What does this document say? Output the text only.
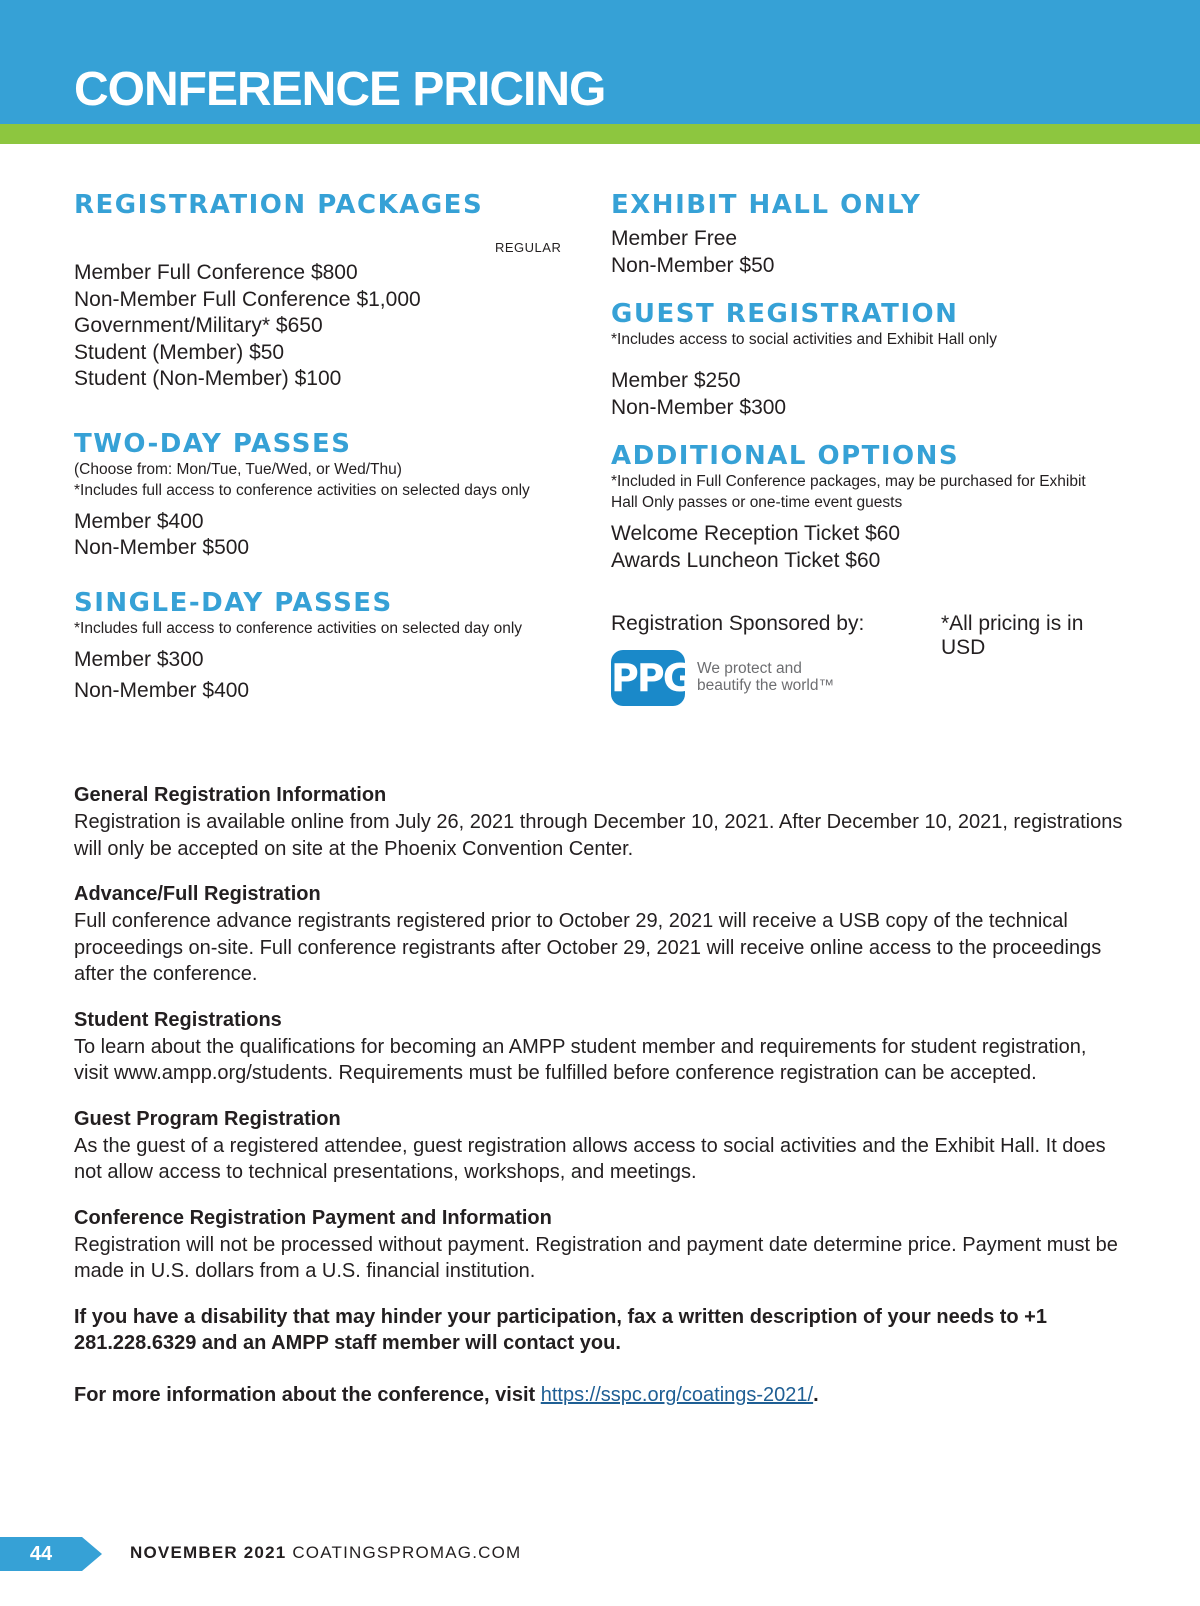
CONFERENCE PRICING
REGISTRATION PACKAGES
REGULAR
Member Full Conference $800
Non-Member Full Conference $1,000
Government/Military* $650
Student (Member) $50
Student (Non-Member) $100
TWO-DAY PASSES
(Choose from: Mon/Tue, Tue/Wed, or Wed/Thu)
*Includes full access to conference activities on selected days only
Member $400
Non-Member $500
SINGLE-DAY PASSES
*Includes full access to conference activities on selected day only
Member $300
Non-Member $400
EXHIBIT HALL ONLY
Member Free
Non-Member $50
GUEST REGISTRATION
*Includes access to social activities and Exhibit Hall only
Member $250
Non-Member $300
ADDITIONAL OPTIONS
*Included in Full Conference packages, may be purchased for Exhibit Hall Only passes or one-time event guests
Welcome Reception Ticket $60
Awards Luncheon Ticket $60
Registration Sponsored by:	*All pricing is in USD
PPG We protect and
beautify the world™
General Registration Information
Registration is available online from July 26, 2021 through December 10, 2021. After December 10, 2021, registrations will only be accepted on site at the Phoenix Convention Center.
Advance/Full Registration
Full conference advance registrants registered prior to October 29, 2021 will receive a USB copy of the technical proceedings on-site. Full conference registrants after October 29, 2021 will receive online access to the proceedings after the conference.
Student Registrations
To learn about the qualifications for becoming an AMPP student member and requirements for student registration, visit www.ampp.org/students. Requirements must be fulfilled before conference registration can be accepted.
Guest Program Registration
As the guest of a registered attendee, guest registration allows access to social activities and the Exhibit Hall. It does not allow access to technical presentations, workshops, and meetings.
Conference Registration Payment and Information
Registration will not be processed without payment. Registration and payment date determine price. Payment must be made in U.S. dollars from a U.S. financial institution.
If you have a disability that may hinder your participation, fax a written description of your needs to +1 281.228.6329 and an AMPP staff member will contact you.
For more information about the conference, visit https://sspc.org/coatings-2021/.
44	NOVEMBER 2021 COATINGSPROMAG.COM
